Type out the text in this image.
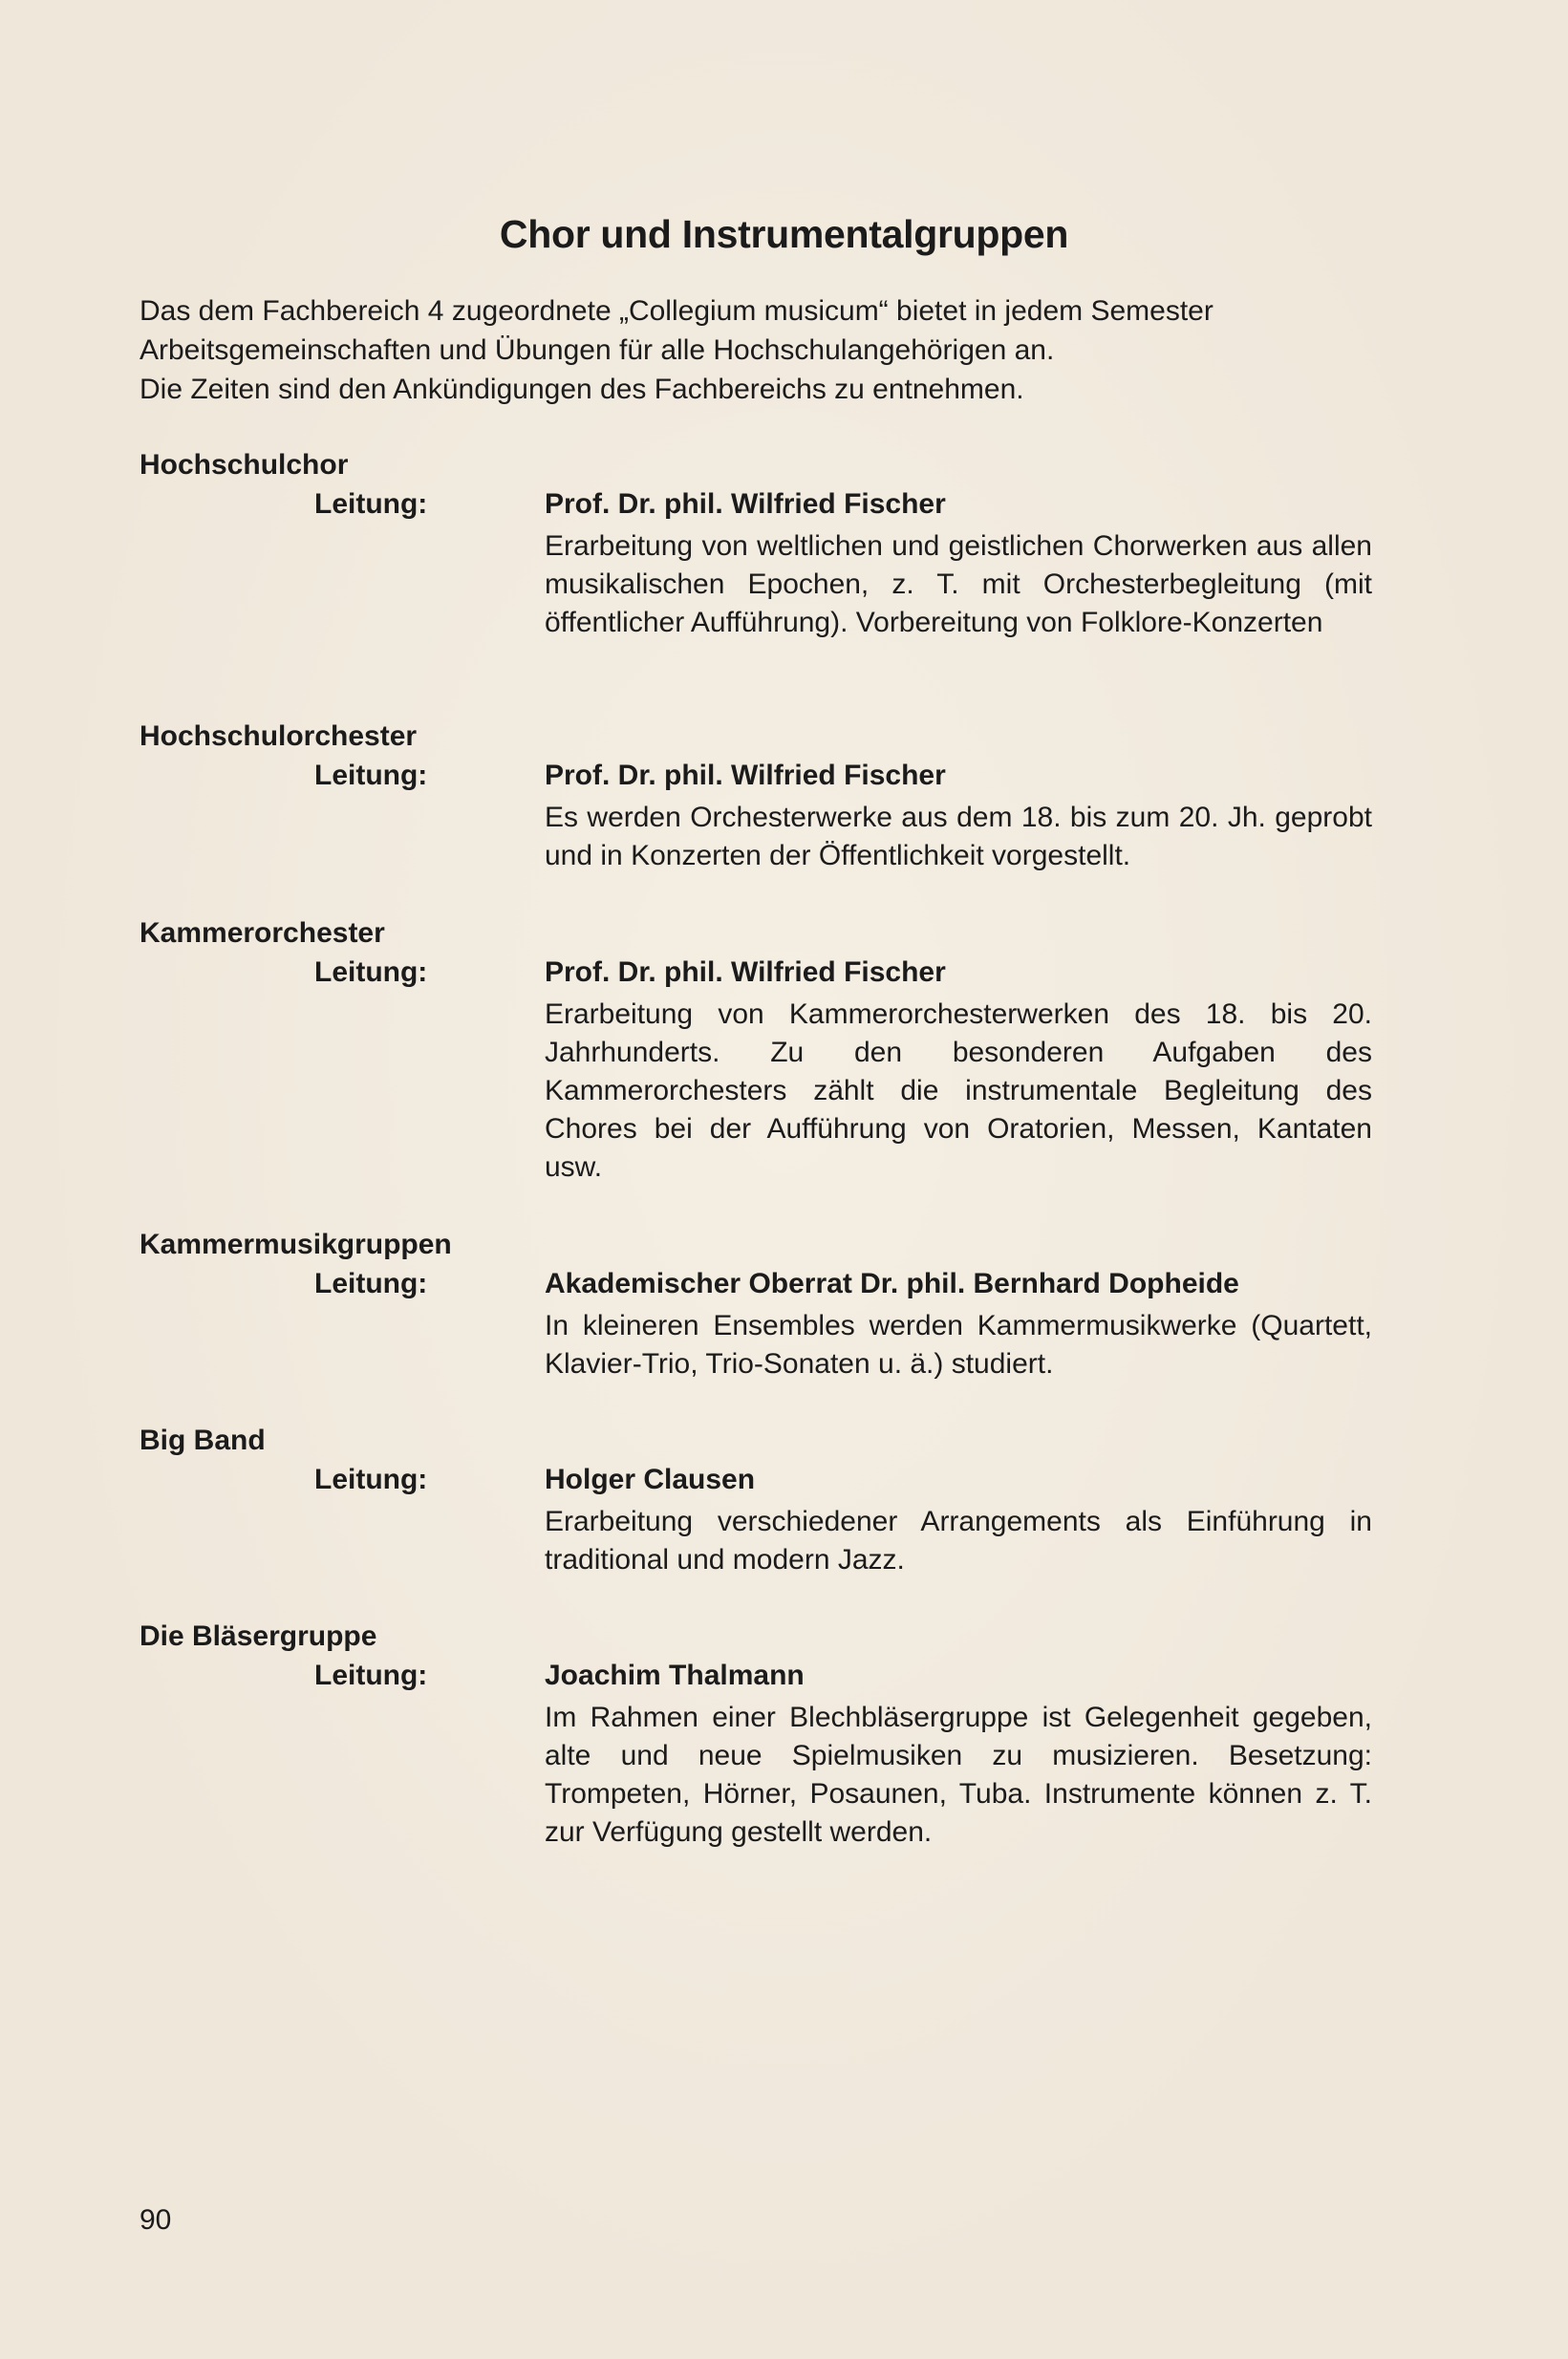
Chor und Instrumentalgruppen

Das dem Fachbereich 4 zugeordnete „Collegium musicum“ bietet in jedem Semester

Arbeitsgemeinschaften und Übungen für alle Hochschulangehörigen an.

Die Zeiten sind den Ankündigungen des Fachbereichs zu entnehmen.

Hochschulchor
Leitung:	Prof. Dr. phil. Wilfried Fischer
Erarbeitung von weltlichen und geistlichen Chorwerken aus allen musikalischen Epochen, z. T. mit Orchesterbegleitung (mit öffentlicher Aufführung). Vorbereitung von Folklore-Konzerten
Hochschulorchester
Leitung:	Prof. Dr. phil. Wilfried Fischer
Es werden Orchesterwerke aus dem 18. bis zum 20. Jh. geprobt und in Konzerten der Öffentlichkeit vorgestellt.
Kammerorchester
Leitung:	Prof. Dr. phil. Wilfried Fischer
Erarbeitung von Kammerorchesterwerken des 18. bis 20. Jahrhunderts. Zu den besonderen Aufgaben des Kammerorchesters zählt die instrumentale Begleitung des Chores bei der Aufführung von Oratorien, Messen, Kantaten usw.
Kammermusikgruppen
Leitung:	Akademischer Oberrat Dr. phil. Bernhard Dopheide
In kleineren Ensembles werden Kammermusikwerke (Quartett, Klavier-Trio, Trio-Sonaten u. ä.) studiert.
Big Band
Leitung:	Holger Clausen
Erarbeitung verschiedener Arrangements als Einführung in traditional und modern Jazz.
Die Bläsergruppe
Leitung:	Joachim Thalmann
Im Rahmen einer Blechbläsergruppe ist Gelegenheit gegeben, alte und neue Spielmusiken zu musizieren. Besetzung: Trompeten, Hörner, Posaunen, Tuba. Instrumente können z. T. zur Verfügung gestellt werden.
90
